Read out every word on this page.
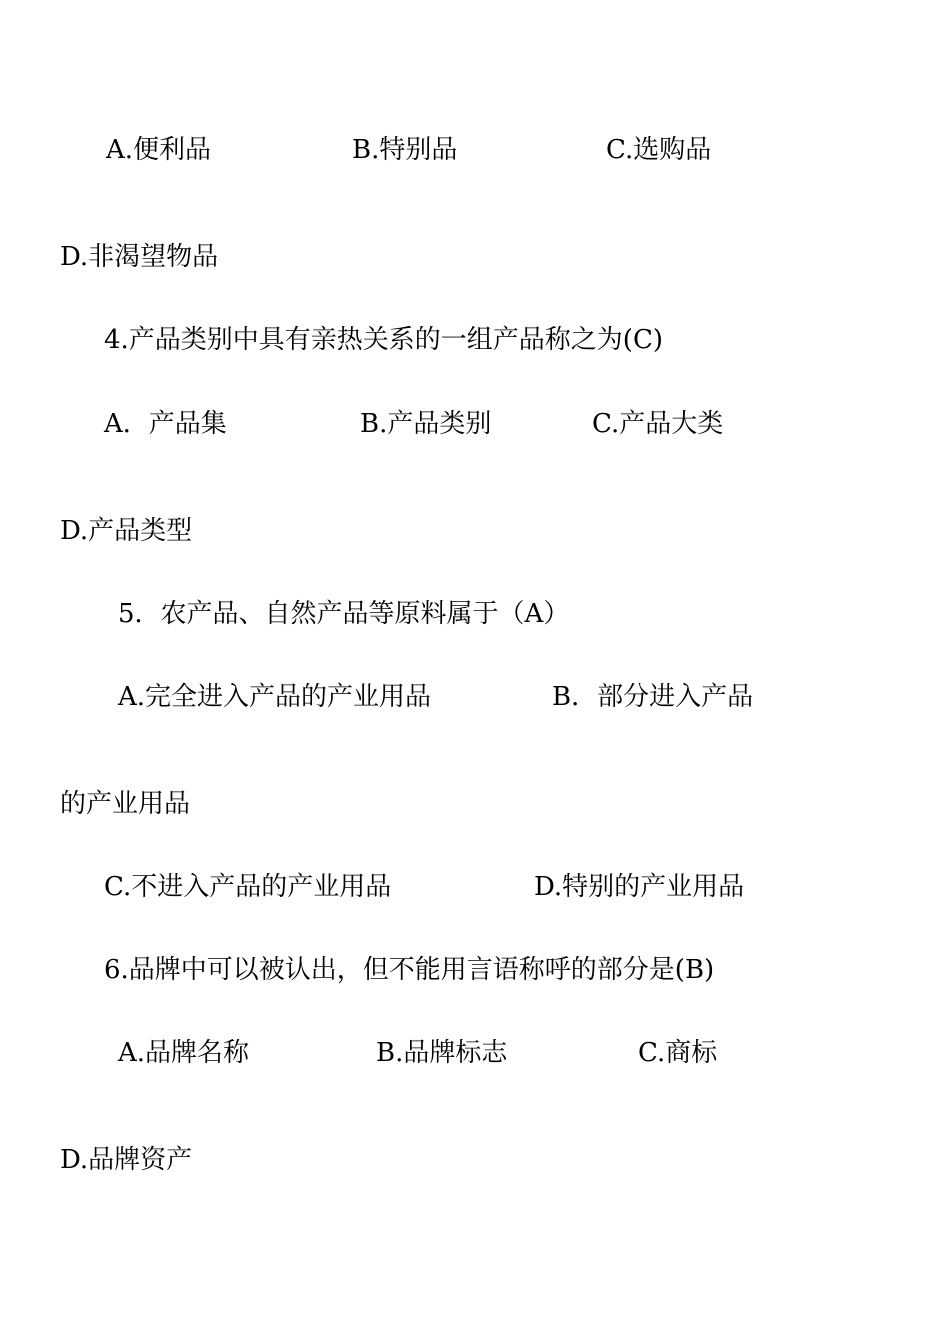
A.便利品	B.特别品	C.选购品
D.非渴望物品
4.产品类别中具有亲热关系的一组产品称之为(C)
A．产品集	B.产品类别	C.产品大类
D.产品类型
5．农产品、自然产品等原料属于（A）
A.完全进入产品的产业用品	B．部分进入产品
的产业用品
C.不进入产品的产业用品	D.特别的产业用品
6.品牌中可以被认出，但不能用言语称呼的部分是(B)
A.品牌名称	B.品牌标志	C.商标
D.品牌资产
